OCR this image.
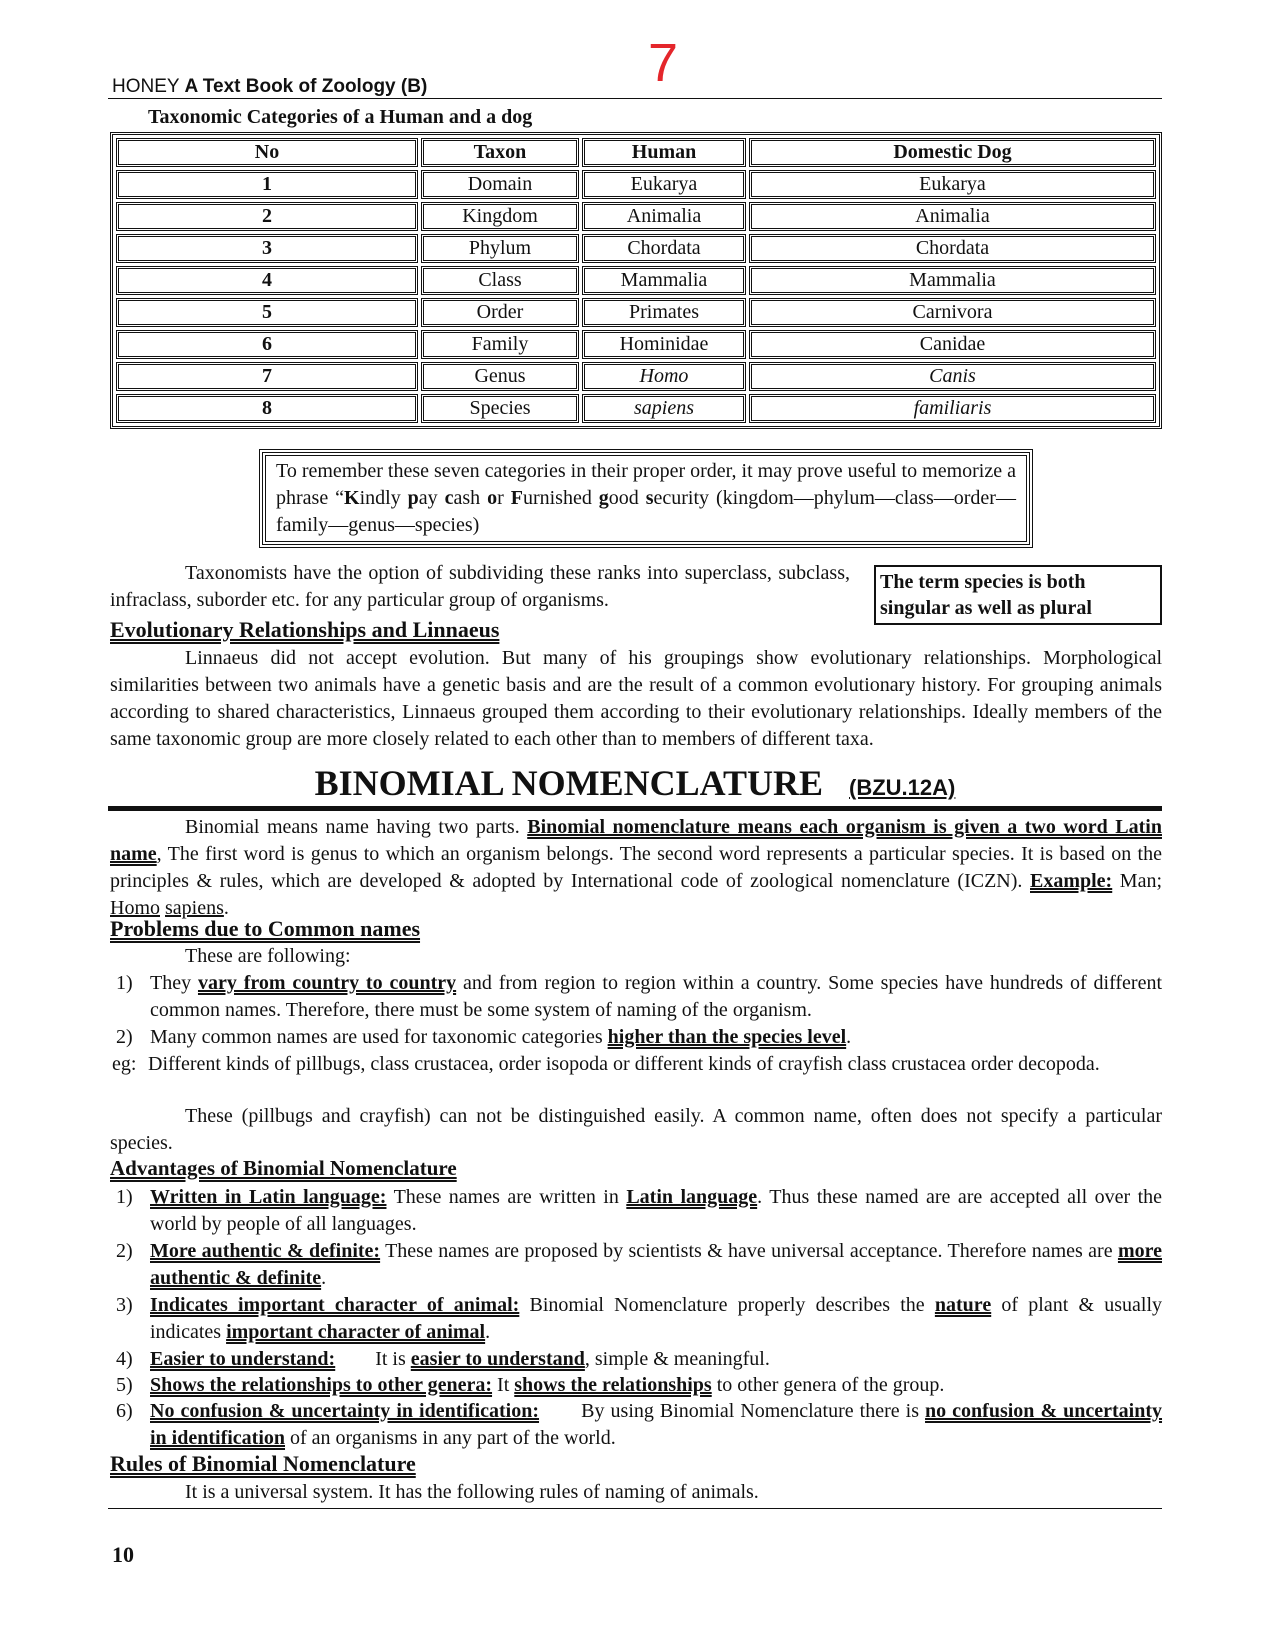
7
HONEY A Text Book of Zoology (B)
Taxonomic Categories of a Human and a dog
No	Taxon	Human	Domestic Dog
1	Domain	Eukarya	Eukarya
2	Kingdom	Animalia	Animalia
3	Phylum	Chordata	Chordata
4	Class	Mammalia	Mammalia
5	Order	Primates	Carnivora
6	Family	Hominidae	Canidae
7	Genus	Homo	Canis
8	Species	sapiens	familiaris
To remember these seven categories in their proper order, it may prove useful to memorize a phrase “Kindly pay cash or Furnished good security (kingdom—phylum—class—order—family—genus—species)
Taxonomists have the option of subdividing these ranks into superclass, subclass, infraclass, suborder etc. for any particular group of organisms.
The term species is both singular as well as plural
Evolutionary Relationships and Linnaeus
Linnaeus did not accept evolution. But many of his groupings show evolutionary relationships. Morphological similarities between two animals have a genetic basis and are the result of a common evolutionary history. For grouping animals according to shared characteristics, Linnaeus grouped them according to their evolutionary relationships. Ideally members of the same taxonomic group are more closely related to each other than to members of different taxa.
BINOMIAL NOMENCLATURE (BZU.12A)
Binomial means name having two parts. Binomial nomenclature means each organism is given a two word Latin name, The first word is genus to which an organism belongs. The second word represents a particular species. It is based on the principles & rules, which are developed & adopted by International code of zoological nomenclature (ICZN). Example: Man; Homo sapiens.
Problems due to Common names
These are following:
1) They vary from country to country and from region to region within a country. Some species have hundreds of different common names. Therefore, there must be some system of naming of the organism.
2) Many common names are used for taxonomic categories higher than the species level.
eg: Different kinds of pillbugs, class crustacea, order isopoda or different kinds of crayfish class crustacea order decopoda.
These (pillbugs and crayfish) can not be distinguished easily. A common name, often does not specify a particular species.
Advantages of Binomial Nomenclature
1) Written in Latin language: These names are written in Latin language. Thus these named are are accepted all over the world by people of all languages.
2) More authentic & definite: These names are proposed by scientists & have universal acceptance. Therefore names are more authentic & definite.
3) Indicates important character of animal: Binomial Nomenclature properly describes the nature of plant & usually indicates important character of animal.
4) Easier to understand:        It is easier to understand, simple & meaningful.
5) Shows the relationships to other genera: It shows the relationships to other genera of the group.
6) No confusion & uncertainty in identification:       By using Binomial Nomenclature there is no confusion & uncertainty in identification of an organisms in any part of the world.
Rules of Binomial Nomenclature
It is a universal system. It has the following rules of naming of animals.
10
